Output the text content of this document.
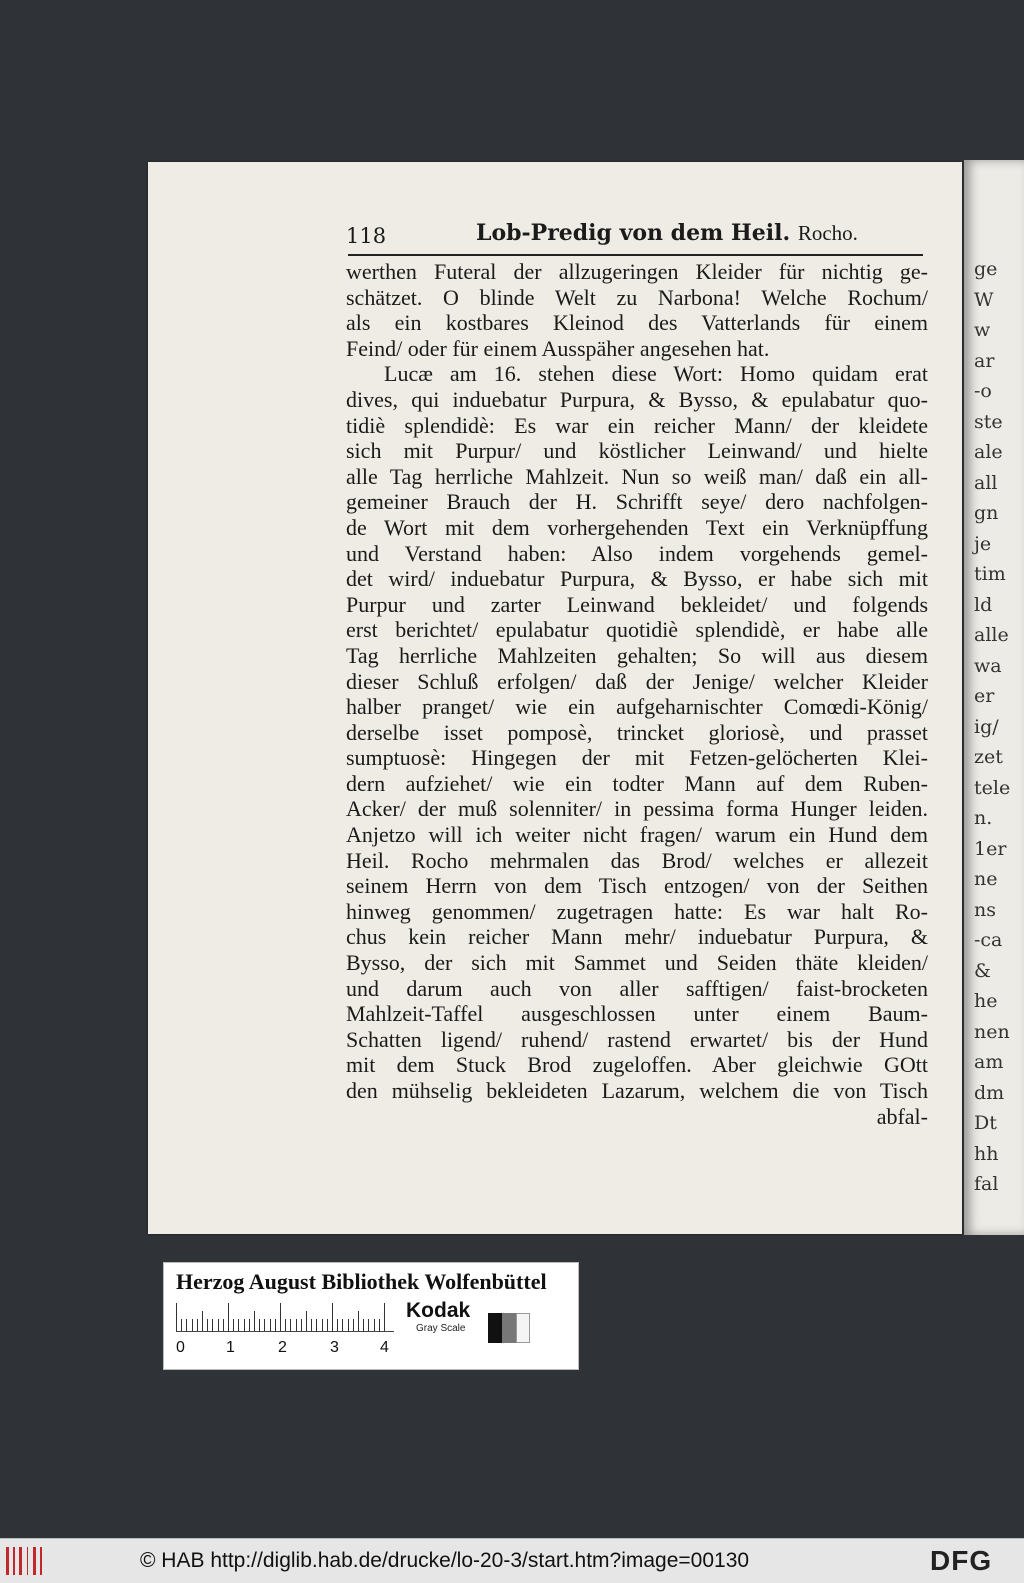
ge
W
w
ar
-o
ste
ale
all
gn
je
tim
ld
alle
wa
er
ig/
zet
tele
n.
1er
ne
ns
-ca
&
he
nen
am
dm
Dt
hh
fal
118	Lob-Predig von dem Heil. Rocho.
werthen Futeral der allzugeringen Kleider für nichtig ge-
schätzet. O blinde Welt zu Narbona! Welche Rochum/
als ein kostbares Kleinod des Vatterlands für einem
Feind/ oder für einem Ausspäher angesehen hat.
Lucæ am 16. stehen diese Wort: Homo quidam erat
dives, qui induebatur Purpura, & Bysso, & epulabatur quo-
tidiè splendidè: Es war ein reicher Mann/ der kleidete
sich mit Purpur/ und köstlicher Leinwand/ und hielte
alle Tag herrliche Mahlzeit. Nun so weiß man/ daß ein all-
gemeiner Brauch der H. Schrifft seye/ dero nachfolgen-
de Wort mit dem vorhergehenden Text ein Verknüpffung
und Verstand haben: Also indem vorgehends gemel-
det wird/ induebatur Purpura, & Bysso, er habe sich mit
Purpur und zarter Leinwand bekleidet/ und folgends
erst berichtet/ epulabatur quotidiè splendidè, er habe alle
Tag herrliche Mahlzeiten gehalten; So will aus diesem
dieser Schluß erfolgen/ daß der Jenige/ welcher Kleider
halber pranget/ wie ein aufgeharnischter Comœdi-König/
derselbe isset pomposè, trincket gloriosè, und prasset
sumptuosè: Hingegen der mit Fetzen-gelöcherten Klei-
dern aufziehet/ wie ein todter Mann auf dem Ruben-
Acker/ der muß solenniter/ in pessima forma Hunger leiden.
Anjetzo will ich weiter nicht fragen/ warum ein Hund dem
Heil. Rocho mehrmalen das Brod/ welches er allezeit
seinem Herrn von dem Tisch entzogen/ von der Seithen
hinweg genommen/ zugetragen hatte: Es war halt Ro-
chus kein reicher Mann mehr/ induebatur Purpura, &
Bysso, der sich mit Sammet und Seiden thäte kleiden/
und darum auch von aller safftigen/ faist-brocketen
Mahlzeit-Taffel ausgeschlossen unter einem Baum-
Schatten ligend/ ruhend/ rastend erwartet/ bis der Hund
mit dem Stuck Brod zugeloffen. Aber gleichwie GOtt
den mühselig bekleideten Lazarum, welchem die von Tisch
abfal-
Herzog August Bibliothek Wolfenbüttel
0	1	2	3	4
Kodak
Gray Scale
© HAB http://diglib.hab.de/drucke/lo-20-3/start.htm?image=00130	DFG
